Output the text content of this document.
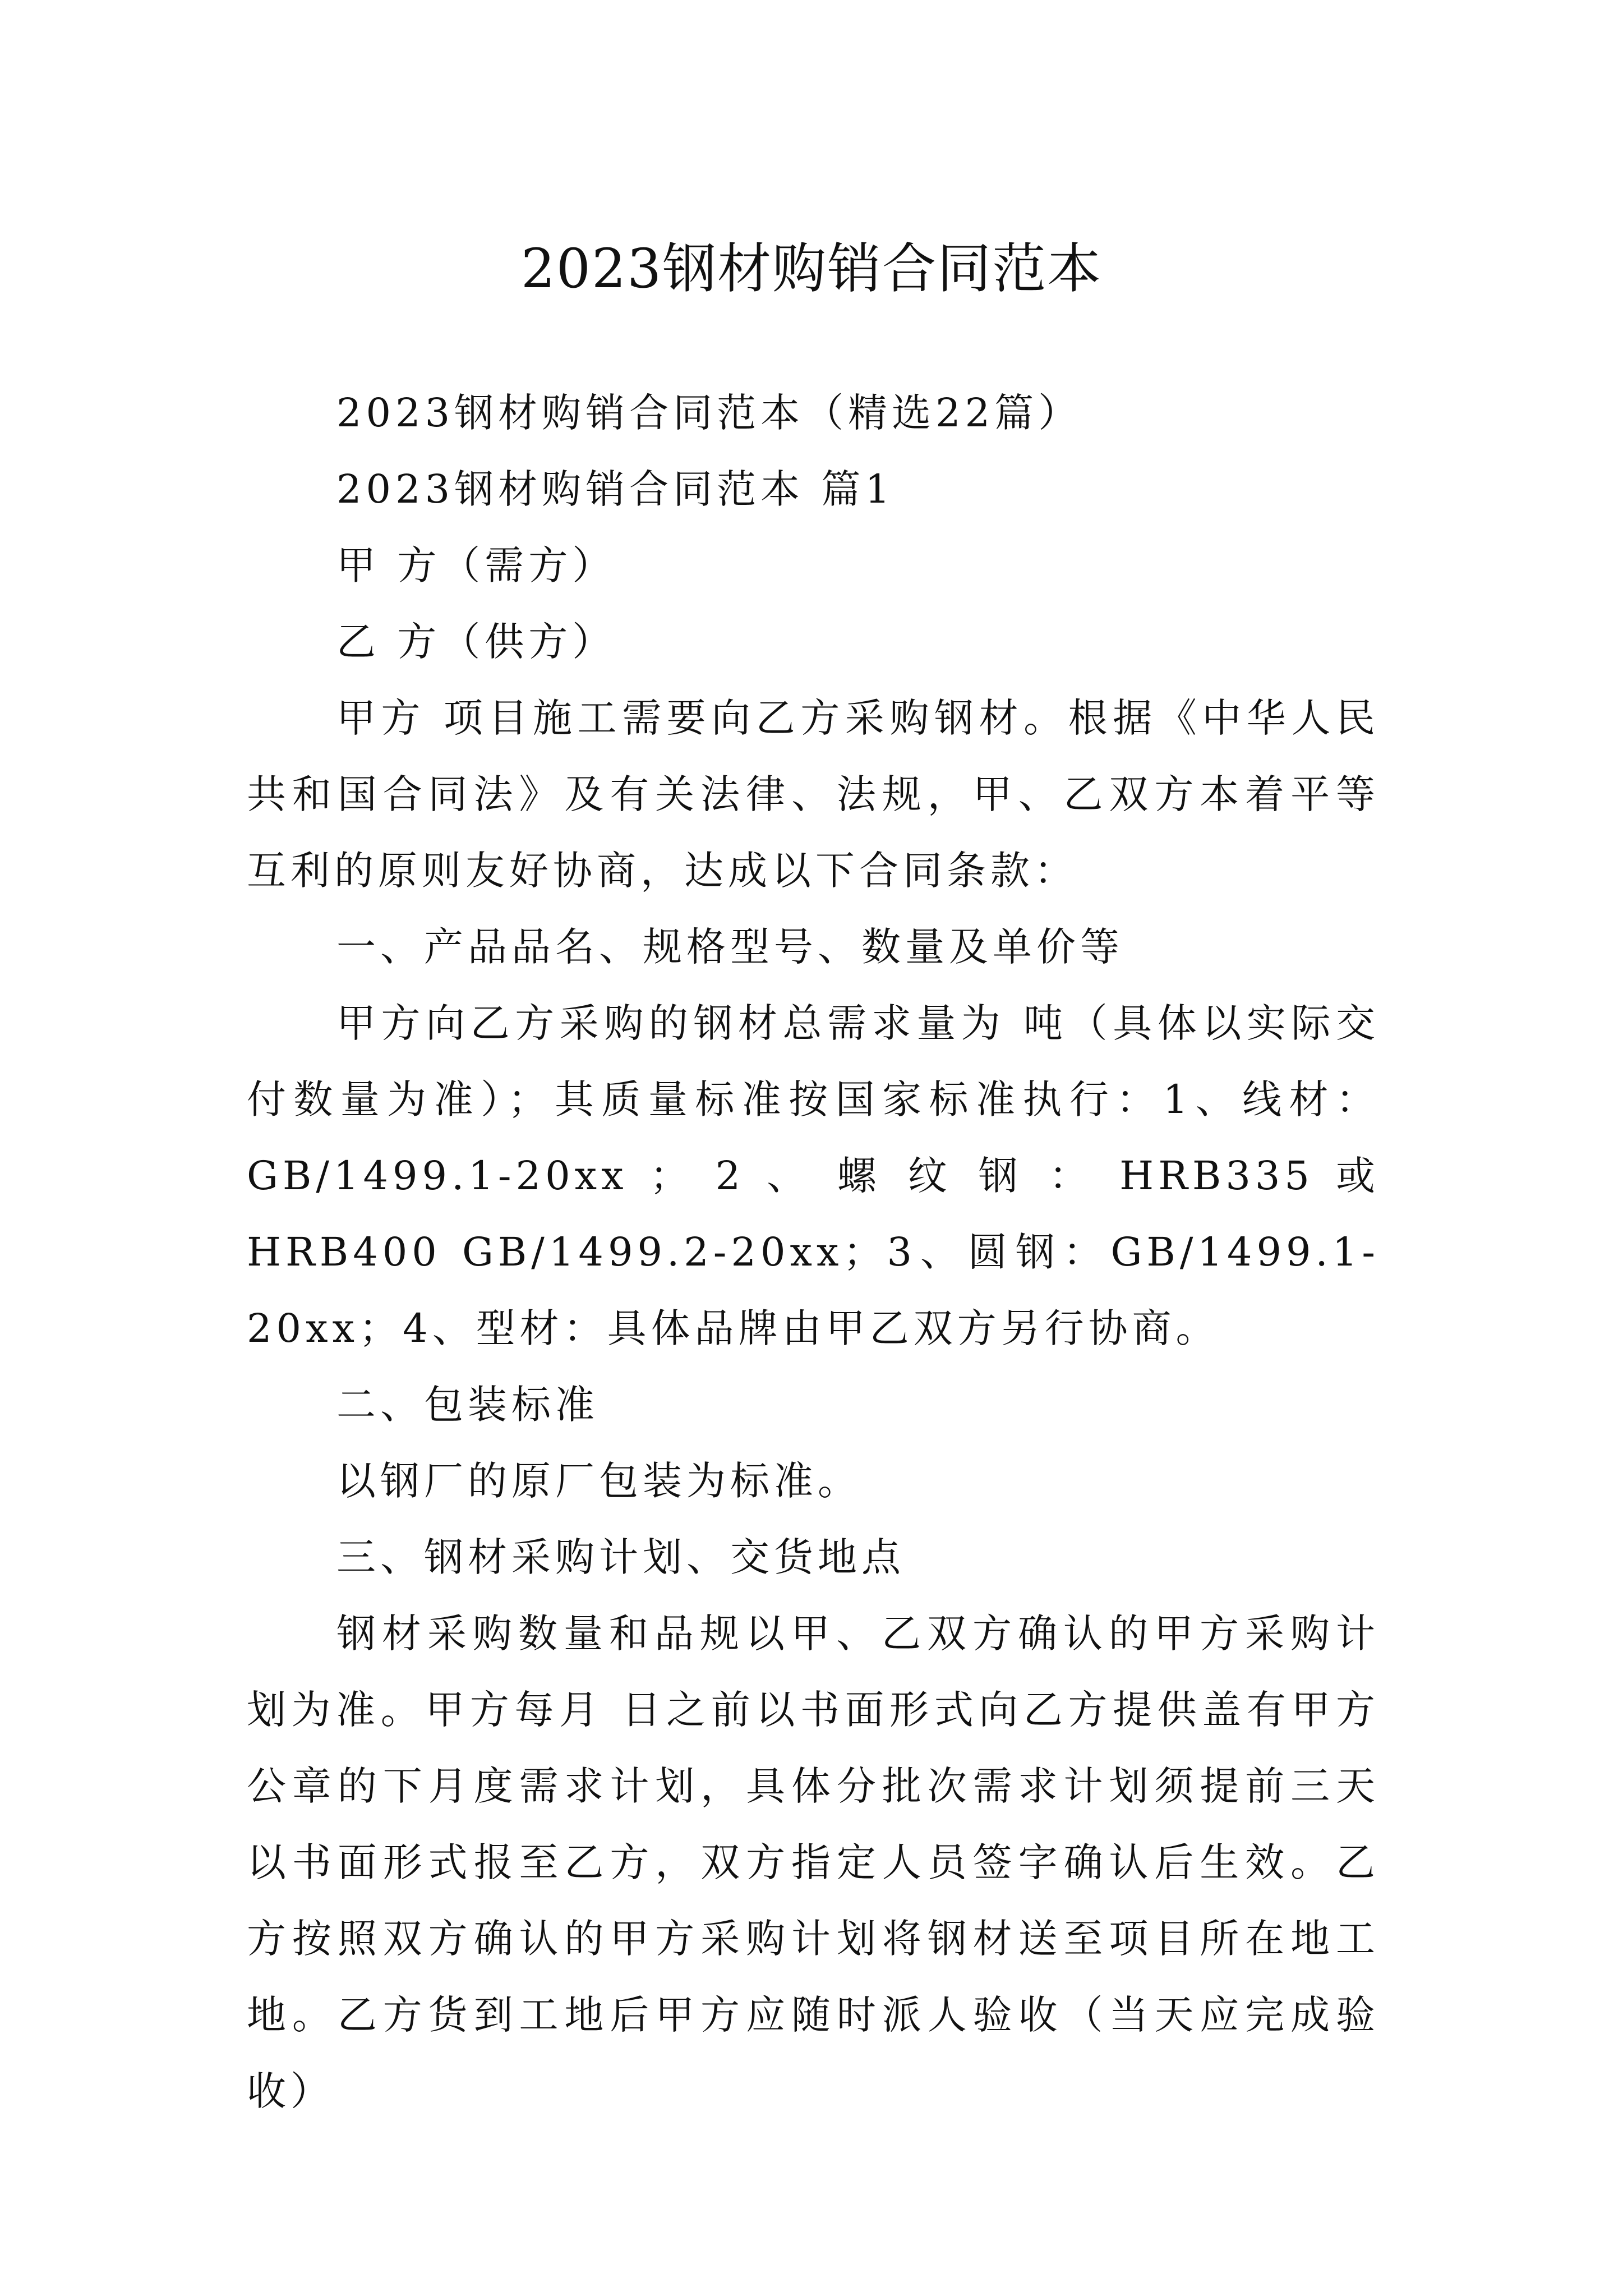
2023钢材购销合同范本

2023钢材购销合同范本（精选22篇）

2023钢材购销合同范本 篇1

甲 方（需方）

乙 方（供方）

甲方 项目施工需要向乙方采购钢材。根据《中华人民共和国合同法》及有关法律、法规，甲、乙双方本着平等互利的原则友好协商，达成以下合同条款：

一、产品品名、规格型号、数量及单价等

甲方向乙方采购的钢材总需求量为 吨（具体以实际交付数量为准）；其质量标准按国家标准执行：1、线材：GB/1499.1-20xx ； 2 、 螺 纹 钢 ： HRB335 或 HRB400 GB/1499.2-20xx；3、圆钢：GB/1499.1-20xx；4、型材：具体品牌由甲乙双方另行协商。

二、包装标准

以钢厂的原厂包装为标准。

三、钢材采购计划、交货地点

钢材采购数量和品规以甲、乙双方确认的甲方采购计划为准。甲方每月 日之前以书面形式向乙方提供盖有甲方公章的下月度需求计划，具体分批次需求计划须提前三天以书面形式报至乙方，双方指定人员签字确认后生效。乙方按照双方确认的甲方采购计划将钢材送至项目所在地工地。乙方货到工地后甲方应随时派人验收（当天应完成验收）
